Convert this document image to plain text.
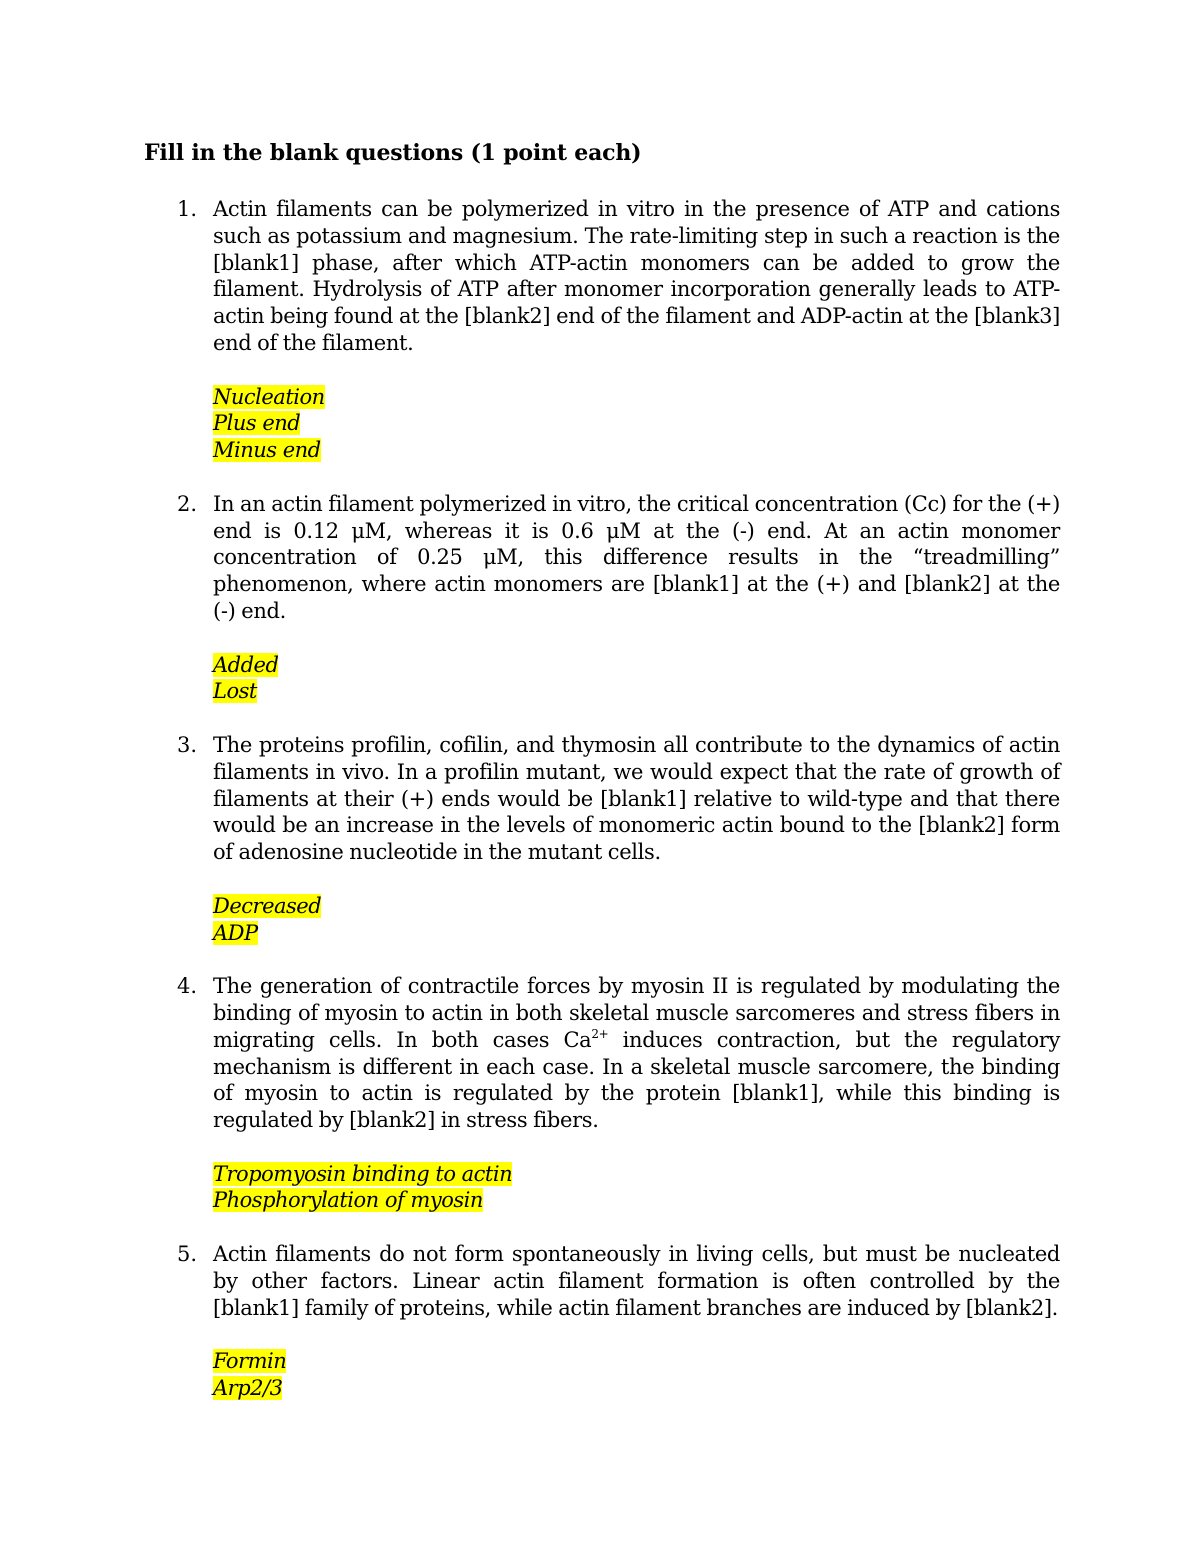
Fill in the blank questions (1 point each)
1. Actin filaments can be polymerized in vitro in the presence of ATP and cations such as potassium and magnesium. The rate-limiting step in such a reaction is the [blank1] phase, after which ATP-actin monomers can be added to grow the filament. Hydrolysis of ATP after monomer incorporation generally leads to ATP-actin being found at the [blank2] end of the filament and ADP-actin at the [blank3] end of the filament.

Nucleation
Plus end
Minus end
2. In an actin filament polymerized in vitro, the critical concentration (Cc) for the (+) end is 0.12 μM, whereas it is 0.6 μM at the (-) end. At an actin monomer concentration of 0.25 μM, this difference results in the “treadmilling” phenomenon, where actin monomers are [blank1] at the (+) and [blank2] at the (-) end.

Added
Lost
3. The proteins profilin, cofilin, and thymosin all contribute to the dynamics of actin filaments in vivo. In a profilin mutant, we would expect that the rate of growth of filaments at their (+) ends would be [blank1] relative to wild-type and that there would be an increase in the levels of monomeric actin bound to the [blank2] form of adenosine nucleotide in the mutant cells.

Decreased
ADP
4. The generation of contractile forces by myosin II is regulated by modulating the binding of myosin to actin in both skeletal muscle sarcomeres and stress fibers in migrating cells. In both cases $Ca^{2+}$ induces contraction, but the regulatory mechanism is different in each case. In a skeletal muscle sarcomere, the binding of myosin to actin is regulated by the protein [blank1], while this binding is regulated by [blank2] in stress fibers.

Tropomyosin binding to actin
Phosphorylation of myosin
5. Actin filaments do not form spontaneously in living cells, but must be nucleated by other factors. Linear actin filament formation is often controlled by the [blank1] family of proteins, while actin filament branches are induced by [blank2].

Formin
Arp2/3
